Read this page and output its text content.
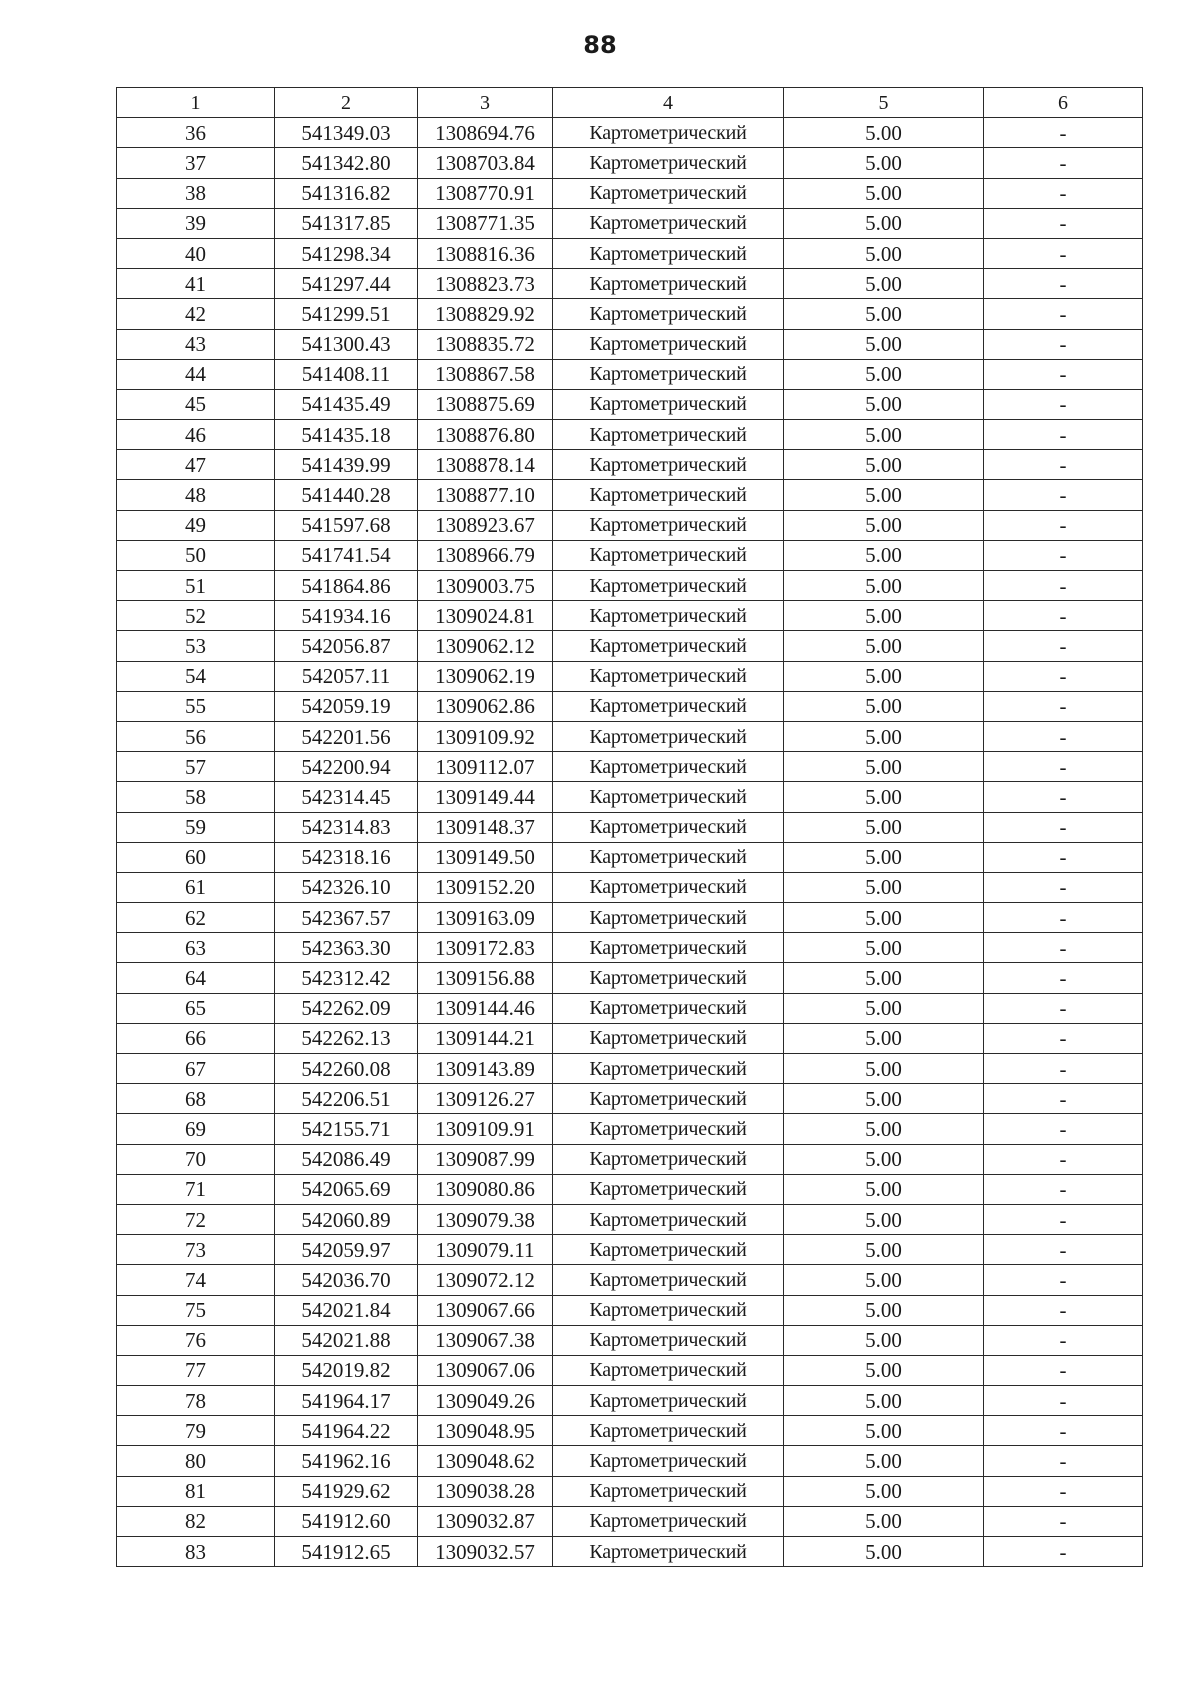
88
1	2	3	4	5	6
36	541349.03	1308694.76	Картометрический	5.00	-
37	541342.80	1308703.84	Картометрический	5.00	-
38	541316.82	1308770.91	Картометрический	5.00	-
39	541317.85	1308771.35	Картометрический	5.00	-
40	541298.34	1308816.36	Картометрический	5.00	-
41	541297.44	1308823.73	Картометрический	5.00	-
42	541299.51	1308829.92	Картометрический	5.00	-
43	541300.43	1308835.72	Картометрический	5.00	-
44	541408.11	1308867.58	Картометрический	5.00	-
45	541435.49	1308875.69	Картометрический	5.00	-
46	541435.18	1308876.80	Картометрический	5.00	-
47	541439.99	1308878.14	Картометрический	5.00	-
48	541440.28	1308877.10	Картометрический	5.00	-
49	541597.68	1308923.67	Картометрический	5.00	-
50	541741.54	1308966.79	Картометрический	5.00	-
51	541864.86	1309003.75	Картометрический	5.00	-
52	541934.16	1309024.81	Картометрический	5.00	-
53	542056.87	1309062.12	Картометрический	5.00	-
54	542057.11	1309062.19	Картометрический	5.00	-
55	542059.19	1309062.86	Картометрический	5.00	-
56	542201.56	1309109.92	Картометрический	5.00	-
57	542200.94	1309112.07	Картометрический	5.00	-
58	542314.45	1309149.44	Картометрический	5.00	-
59	542314.83	1309148.37	Картометрический	5.00	-
60	542318.16	1309149.50	Картометрический	5.00	-
61	542326.10	1309152.20	Картометрический	5.00	-
62	542367.57	1309163.09	Картометрический	5.00	-
63	542363.30	1309172.83	Картометрический	5.00	-
64	542312.42	1309156.88	Картометрический	5.00	-
65	542262.09	1309144.46	Картометрический	5.00	-
66	542262.13	1309144.21	Картометрический	5.00	-
67	542260.08	1309143.89	Картометрический	5.00	-
68	542206.51	1309126.27	Картометрический	5.00	-
69	542155.71	1309109.91	Картометрический	5.00	-
70	542086.49	1309087.99	Картометрический	5.00	-
71	542065.69	1309080.86	Картометрический	5.00	-
72	542060.89	1309079.38	Картометрический	5.00	-
73	542059.97	1309079.11	Картометрический	5.00	-
74	542036.70	1309072.12	Картометрический	5.00	-
75	542021.84	1309067.66	Картометрический	5.00	-
76	542021.88	1309067.38	Картометрический	5.00	-
77	542019.82	1309067.06	Картометрический	5.00	-
78	541964.17	1309049.26	Картометрический	5.00	-
79	541964.22	1309048.95	Картометрический	5.00	-
80	541962.16	1309048.62	Картометрический	5.00	-
81	541929.62	1309038.28	Картометрический	5.00	-
82	541912.60	1309032.87	Картометрический	5.00	-
83	541912.65	1309032.57	Картометрический	5.00	-
